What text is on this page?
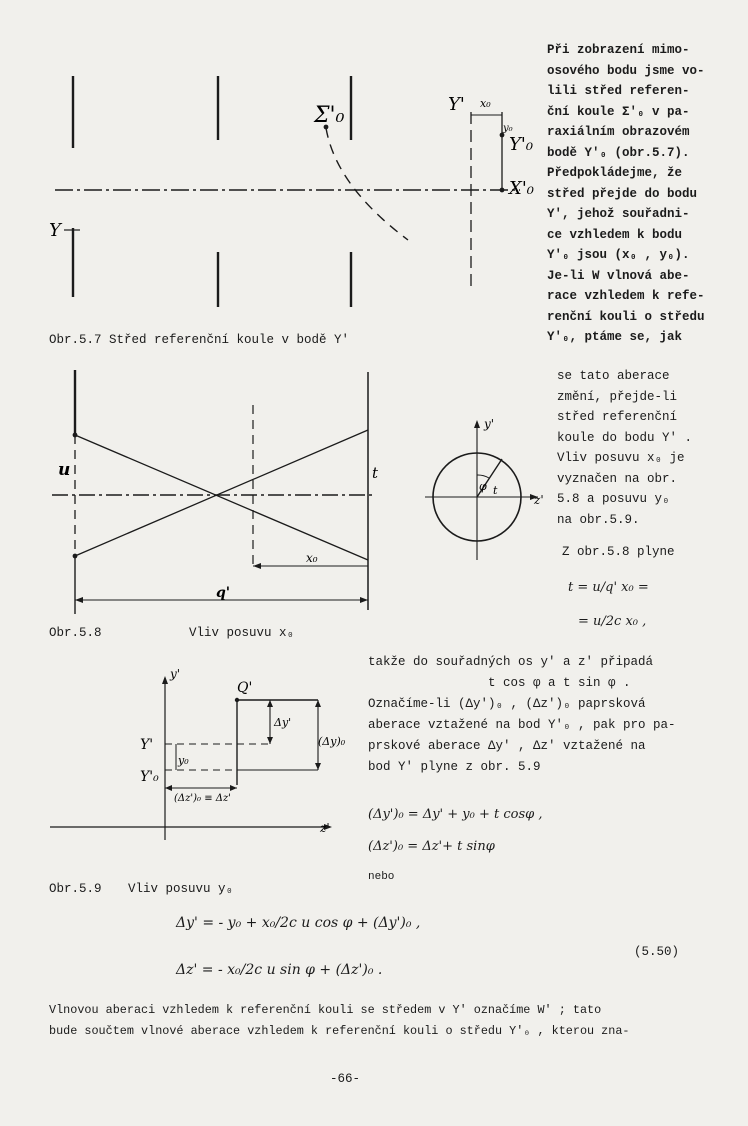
Σ'₀	Y' x₀
y₀
Y'₀
X'₀
Y
Obr.5.7 Střed referenční koule v bodě Y'
u	t
x₀
q'
y'
z'
φ t
Obr.5.8	Vliv posuvu x₀
y'
Q'
Y'
Y'₀
y₀
(Δz')₀ ≡ Δz'
Δy'
(Δy)₀
z'
Obr.5.9 Vliv posuvu y₀

Při zobrazení mimo-

osového bodu jsme vo-

lili střed referen-

ční koule Σ'₀ v pa-

raxiálním obrazovém

bodě Y'₀ (obr.5.7).

Předpokládejme, že

střed přejde do bodu

Y', jehož souřadni-

ce vzhledem k bodu

Y'₀ jsou (x₀ , y₀).

Je-li W vlnová abe-

race vzhledem k refe-

renční kouli o středu

Y'₀, ptáme se, jak

se tato aberace

změní, přejde-li

střed referenční

koule do bodu Y' .

Vliv posuvu x₀ je

vyznačen na obr.

5.8 a posuvu y₀

na obr.5.9.

Z obr.5.8 plyne
t = u/q' x₀ =
= u/2c x₀ ,
takže do souřadných os y' a z' připadá
t cos φ a t sin φ .
Označíme-li (Δy')₀ , (Δz')₀ paprsková
aberace vztažené na bod Y'₀ , pak pro pa-
prskové aberace Δy' , Δz' vztažené na
bod Y' plyne z obr. 5.9
(Δy')₀ = Δy' + y₀ + t cosφ ,
(Δz')₀ = Δz'+ t sinφ
nebo
Δy' = - y₀ + x₀/2c u cos φ + (Δy')₀ ,
Δz' = - x₀/2c u sin φ + (Δz')₀ .
(5.50)
Vlnovou aberaci vzhledem k referenční kouli se středem v Y' označíme W' ; tato
bude součtem vlnové aberace vzhledem k referenční kouli o středu Y'₀ , kterou zna-
-66-
